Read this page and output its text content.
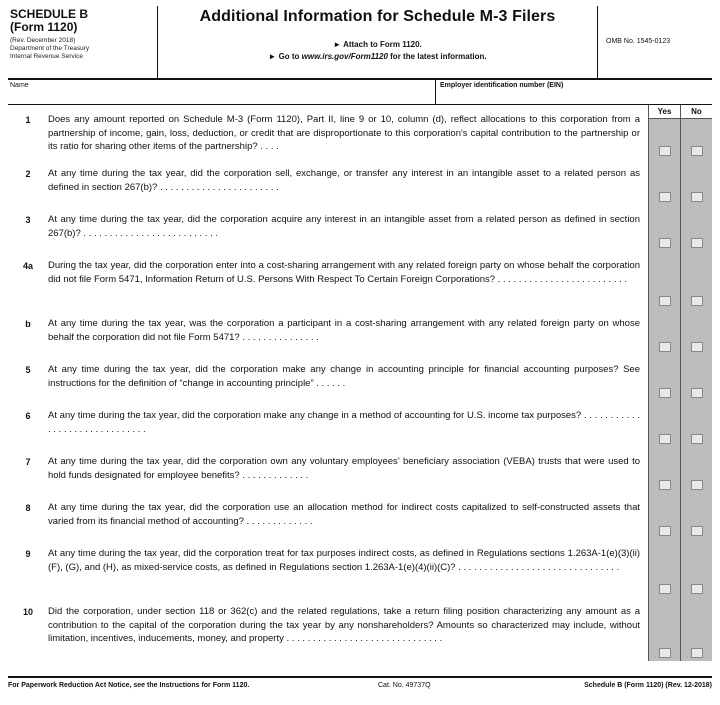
SCHEDULE B
(Form 1120)
(Rev. December 2018)
Department of the Treasury
Internal Revenue Service
Additional Information for Schedule M-3 Filers
► Attach to Form 1120.
► Go to www.irs.gov/Form1120 for the latest information.
OMB No. 1545-0123
Name	Employer identification number (EIN)
Yes	No
1	Does any amount reported on Schedule M-3 (Form 1120), Part II, line 9 or 10, column (d), reflect allocations to this corporation from a partnership of income, gain, loss, deduction, or credit that are disproportionate to this corporation's capital contribution to the partnership or its ratio for sharing other items of the partnership? . . . .
2	At any time during the tax year, did the corporation sell, exchange, or transfer any interest in an intangible asset to a related person as defined in section 267(b)? . . . . . . . . . . . . . . . . . . . . . . .
3	At any time during the tax year, did the corporation acquire any interest in an intangible asset from a related person as defined in section 267(b)? . . . . . . . . . . . . . . . . . . . . . . . . . .
4a	During the tax year, did the corporation enter into a cost-sharing arrangement with any related foreign party on whose behalf the corporation did not file Form 5471, Information Return of U.S. Persons With Respect To Certain Foreign Corporations? . . . . . . . . . . . . . . . . . . . . . . . . .
b	At any time during the tax year, was the corporation a participant in a cost-sharing arrangement with any related foreign party on whose behalf the corporation did not file Form 5471? . . . . . . . . . . . . . . .
5	At any time during the tax year, did the corporation make any change in accounting principle for financial accounting purposes? See instructions for the definition of “change in accounting principle” . . . . . .
6	At any time during the tax year, did the corporation make any change in a method of accounting for U.S. income tax purposes? . . . . . . . . . . . . . . . . . . . . . . . . . . . . . .
7	At any time during the tax year, did the corporation own any voluntary employees’ beneficiary association (VEBA) trusts that were used to hold funds designated for employee benefits? . . . . . . . . . . . . .
8	At any time during the tax year, did the corporation use an allocation method for indirect costs capitalized to self-constructed assets that varied from its financial method of accounting? . . . . . . . . . . . . .
9	At any time during the tax year, did the corporation treat for tax purposes indirect costs, as defined in Regulations sections 1.263A-1(e)(3)(ii)(F), (G), and (H), as mixed-service costs, as defined in Regulations section 1.263A-1(e)(4)(ii)(C)? . . . . . . . . . . . . . . . . . . . . . . . . . . . . . . .
10	Did the corporation, under section 118 or 362(c) and the related regulations, take a return filing position characterizing any amount as a contribution to the capital of the corporation during the tax year by any nonshareholders? Amounts so characterized may include, without limitation, incentives, inducements, money, and property . . . . . . . . . . . . . . . . . . . . . . . . . . . . . .
For Paperwork Reduction Act Notice, see the Instructions for Form 1120.	Cat. No. 49737Q	Schedule B (Form 1120) (Rev. 12-2018)
